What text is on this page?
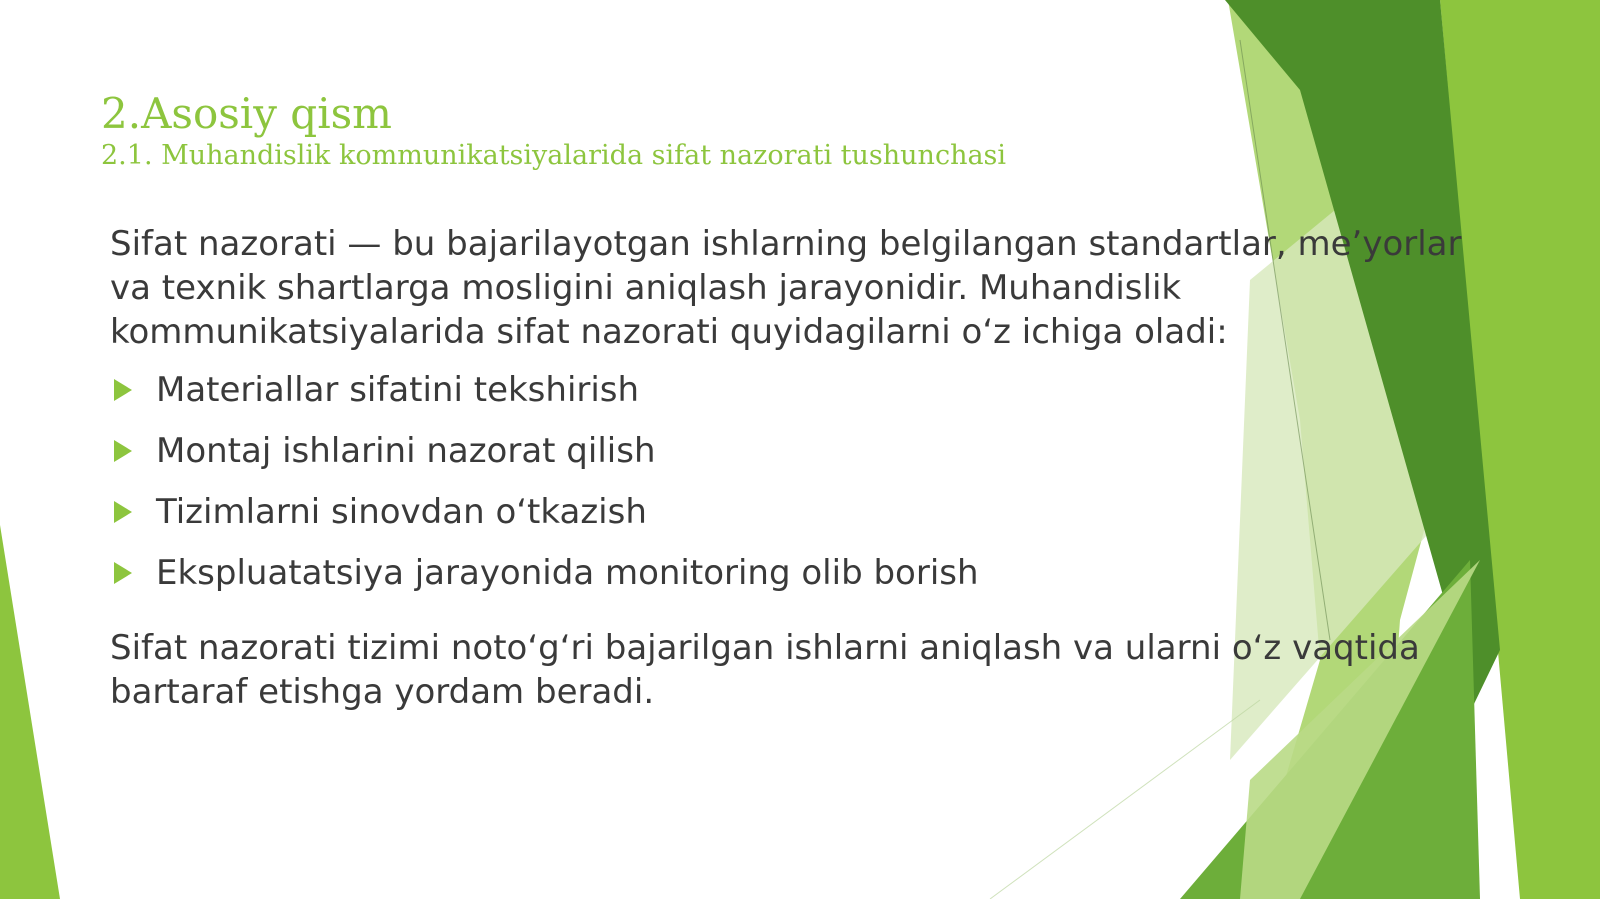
2.Asosiy qism
2.1. Muhandislik kommunikatsiyalarida sifat nazorati tushunchasi

Sifat nazorati — bu bajarilayotgan ishlarning belgilangan standartlar, me’yorlar va texnik shartlarga mosligini aniqlash jarayonidir. Muhandislik kommunikatsiyalarida sifat nazorati quyidagilarni o‘z ichiga oladi:

Materiallar sifatini tekshirish
Montaj ishlarini nazorat qilish
Tizimlarni sinovdan o‘tkazish
Ekspluatatsiya jarayonida monitoring olib borish

Sifat nazorati tizimi noto‘g‘ri bajarilgan ishlarni aniqlash va ularni o‘z vaqtida bartaraf etishga yordam beradi.
